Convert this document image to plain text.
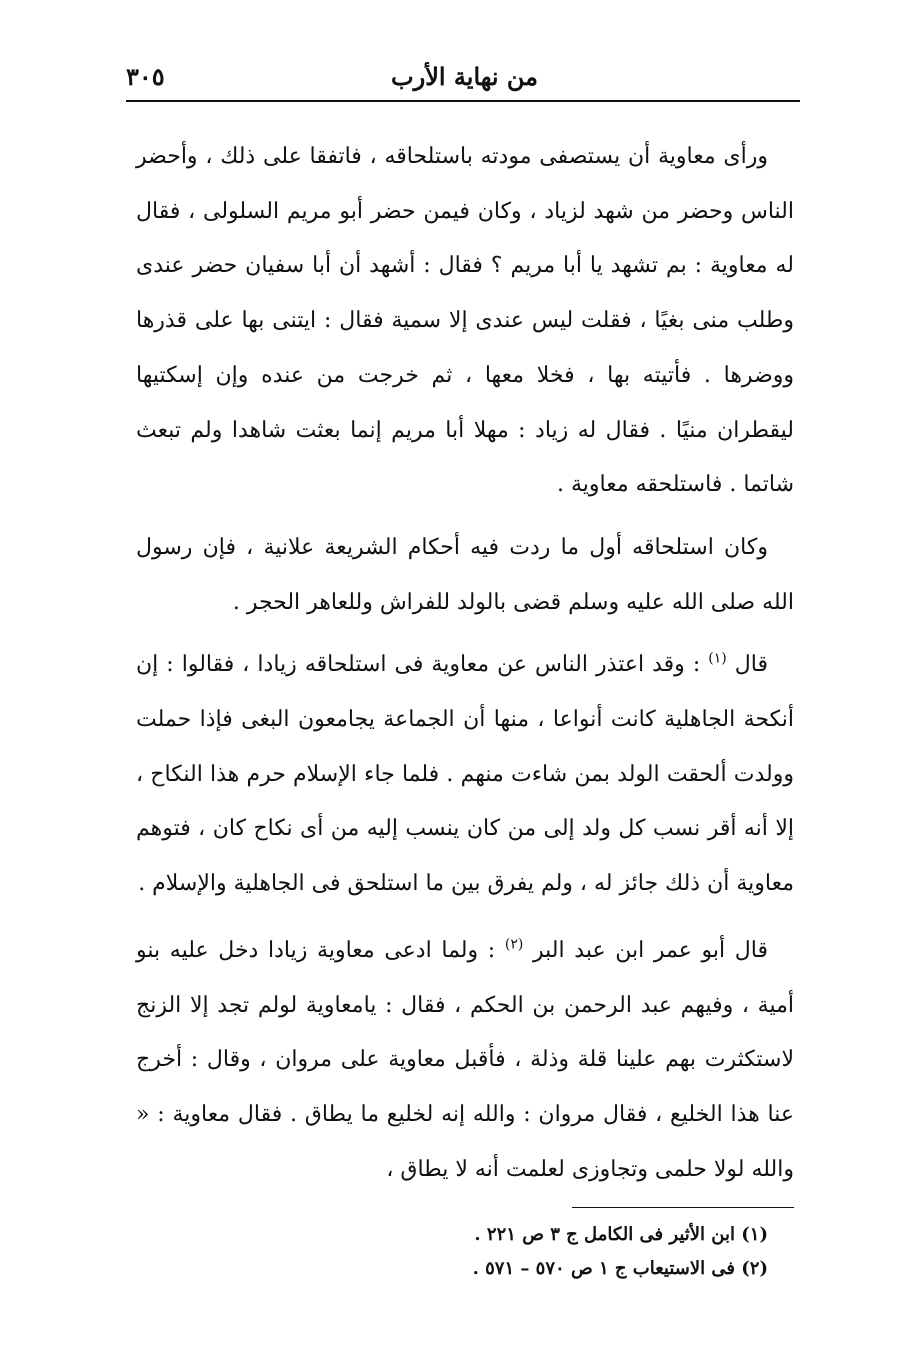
من نهاية الأرب
٣٠٥

ورأى معاوية أن يستصفى مودته باستلحاقه ، فاتفقا على ذلك ، وأحضر الناس وحضر من شهد لزياد ، وكان فيمن حضر أبو مريم السلولى ، فقال له معاوية : بم تشهد يا أبا مريم ؟ فقال : أشهد أن أبا سفيان حضر عندى وطلب منى بغيًا ، فقلت ليس عندى إلا سمية فقال : ايتنى بها على قذرها ووضرها . فأتيته بها ، فخلا معها ، ثم خرجت من عنده وإن إسكتيها ليقطران منيًا . فقال له زياد : مهلا أبا مريم إنما بعثت شاهدا ولم تبعث شاتما . فاستلحقه معاوية .

وكان استلحاقه أول ما ردت فيه أحكام الشريعة علانية ، فإن رسول الله صلى الله عليه وسلم قضى بالولد للفراش وللعاهر الحجر .

قال $^{(١)}$ : وقد اعتذر الناس عن معاوية فى استلحاقه زيادا ، فقالوا : إن أنكحة الجاهلية كانت أنواعا ، منها أن الجماعة يجامعون البغى فإذا حملت وولدت ألحقت الولد بمن شاءت منهم . فلما جاء الإسلام حرم هذا النكاح ، إلا أنه أقر نسب كل ولد إلى من كان ينسب إليه من أى نكاح كان ، فتوهم معاوية أن ذلك جائز له ، ولم يفرق بين ما استلحق فى الجاهلية والإسلام .

قال أبو عمر ابن عبد البر $^{(٢)}$ : ولما ادعى معاوية زيادا دخل عليه بنو أمية ، وفيهم عبد الرحمن بن الحكم ، فقال : يامعاوية لولم تجد إلا الزنج لاستكثرت بهم علينا قلة وذلة ، فأقبل معاوية على مروان ، وقال : أخرج عنا هذا الخليع ، فقال مروان : والله إنه لخليع ما يطاق . فقال معاوية : « والله لولا حلمى وتجاوزى لعلمت أنه لا يطاق ،

(١) ابن الأثير فى الكامل ج ٣ ص ٢٢١ .

(٢) فى الاستيعاب ج ١ ص ٥٧٠ – ٥٧١ .
